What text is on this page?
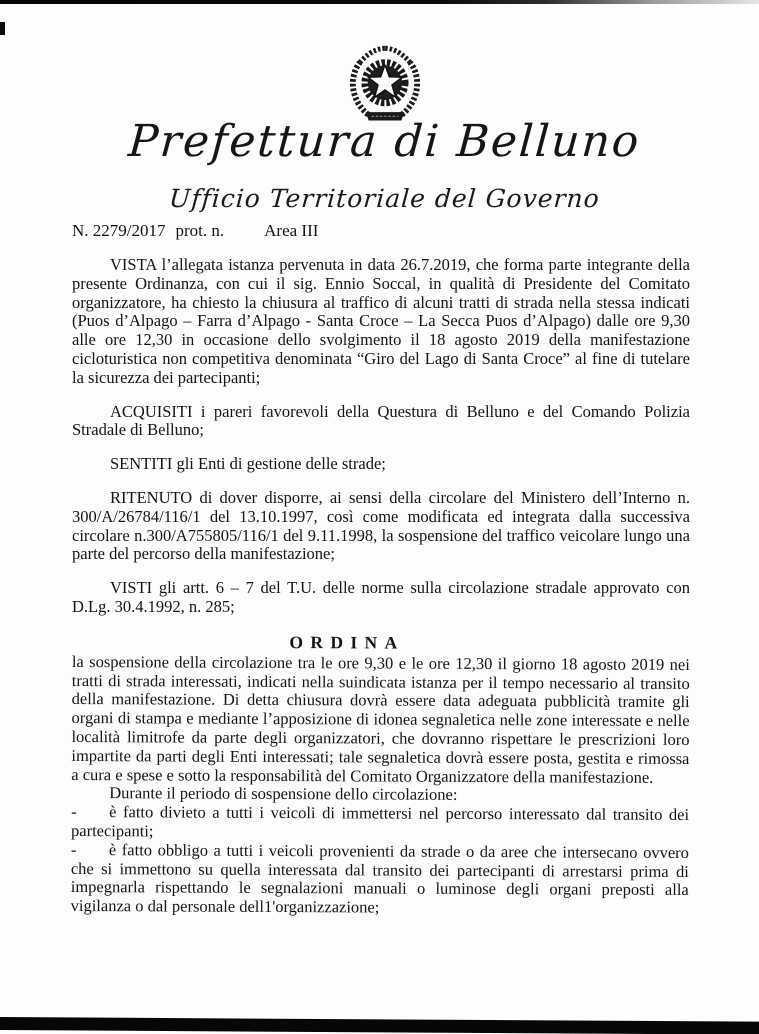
Prefettura di Belluno
Ufficio Territoriale del Governo
N. 2279/2017 prot. n. Area III

VISTA l’allegata istanza pervenuta in data 26.7.2019, che forma parte integrante della presente Ordinanza, con cui il sig. Ennio Soccal, in qualità di Presidente del Comitato organizzatore, ha chiesto la chiusura al traffico di alcuni tratti di strada nella stessa indicati (Puos d’Alpago – Farra d’Alpago - Santa Croce – La Secca Puos d’Alpago) dalle ore 9,30 alle ore 12,30 in occasione dello svolgimento il 18 agosto 2019 della manifestazione cicloturistica non competitiva denominata “Giro del Lago di Santa Croce” al fine di tutelare la sicurezza dei partecipanti;

ACQUISITI i pareri favorevoli della Questura di Belluno e del Comando Polizia Stradale di Belluno;

SENTITI gli Enti di gestione delle strade;

RITENUTO di dover disporre, ai sensi della circolare del Ministero dell’Interno n. 300/A/26784/116/1 del 13.10.1997, così come modificata ed integrata dalla successiva circolare n.300/A755805/116/1 del 9.11.1998, la sospensione del traffico veicolare lungo una parte del percorso della manifestazione;

VISTI gli artt. 6 – 7 del T.U. delle norme sulla circolazione stradale approvato con D.Lg. 30.4.1992, n. 285;

ORDINA

la sospensione della circolazione tra le ore 9,30 e le ore 12,30 il giorno 18 agosto 2019 nei tratti di strada interessati, indicati nella suindicata istanza per il tempo necessario al transito della manifestazione. Di detta chiusura dovrà essere data adeguata pubblicità tramite gli organi di stampa e mediante l’apposizione di idonea segnaletica nelle zone interessate e nelle località limitrofe da parte degli organizzatori, che dovranno rispettare le prescrizioni loro impartite da parti degli Enti interessati; tale segnaletica dovrà essere posta, gestita e rimossa a cura e spese e sotto la responsabilità del Comitato Organizzatore della manifestazione.

Durante il periodo di sospensione dello circolazione:

-	è fatto divieto a tutti i veicoli di immettersi nel percorso interessato dal transito dei partecipanti;

-	è fatto obbligo a tutti i veicoli provenienti da strade o da aree che intersecano ovvero che si immettono su quella interessata dal transito dei partecipanti di arrestarsi prima di impegnarla rispettando le segnalazioni manuali o luminose degli organi preposti alla vigilanza o dal personale dell1'organizzazione;
